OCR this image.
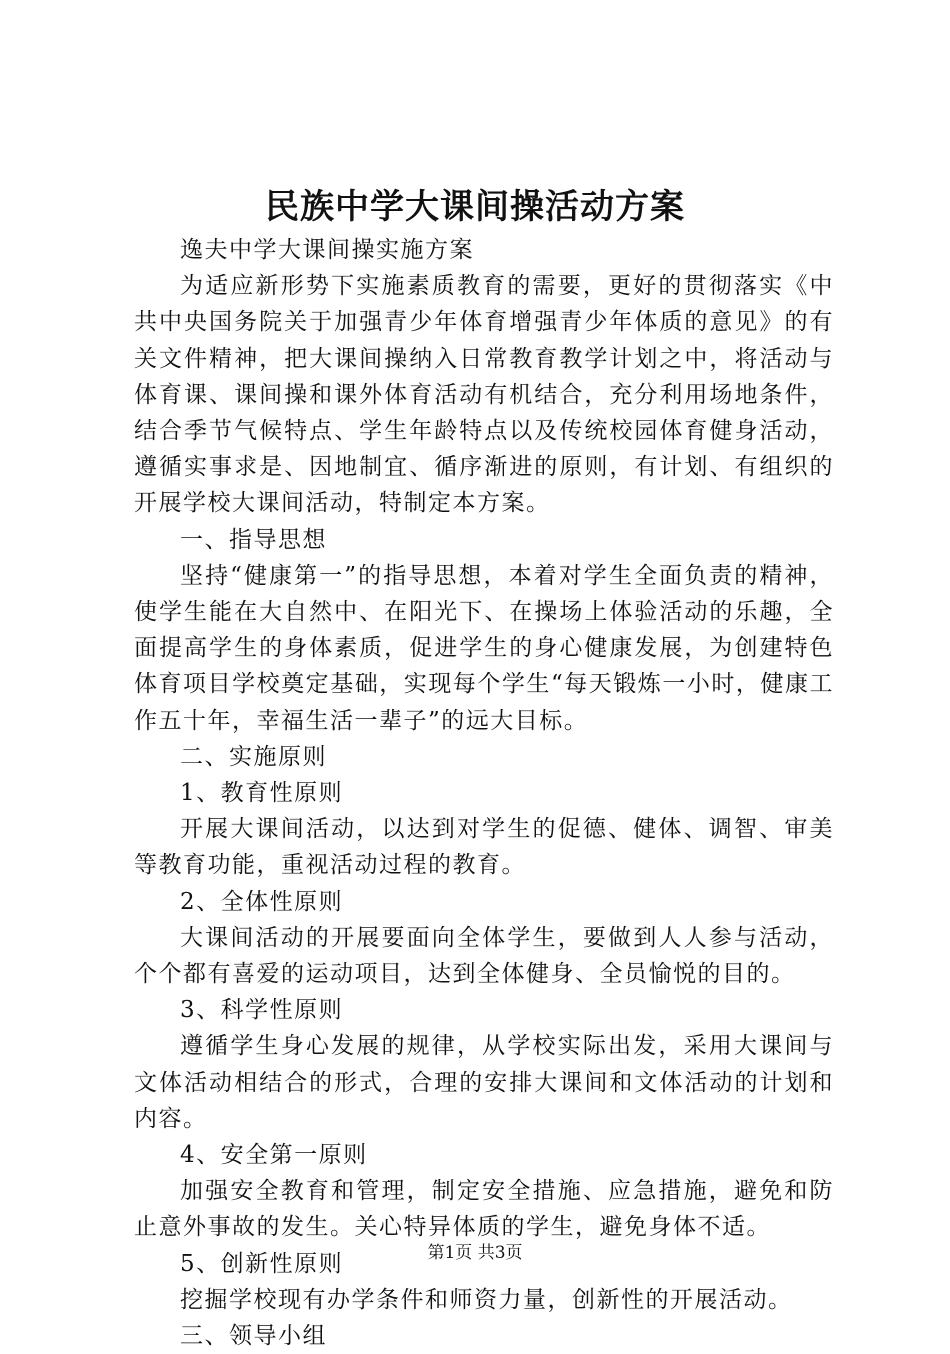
民族中学大课间操活动方案

逸夫中学大课间操实施方案

为适应新形势下实施素质教育的需要，更好的贯彻落实《中共中央国务院关于加强青少年体育增强青少年体质的意见》的有关文件精神，把大课间操纳入日常教育教学计划之中，将活动与体育课、课间操和课外体育活动有机结合，充分利用场地条件，结合季节气候特点、学生年龄特点以及传统校园体育健身活动，遵循实事求是、因地制宜、循序渐进的原则，有计划、有组织的开展学校大课间活动，特制定本方案。

一、指导思想

坚持“健康第一”的指导思想，本着对学生全面负责的精神，使学生能在大自然中、在阳光下、在操场上体验活动的乐趣，全面提高学生的身体素质，促进学生的身心健康发展，为创建特色体育项目学校奠定基础，实现每个学生“每天锻炼一小时，健康工作五十年，幸福生活一辈子”的远大目标。

二、实施原则

1、教育性原则

开展大课间活动，以达到对学生的促德、健体、调智、审美等教育功能，重视活动过程的教育。

2、全体性原则

大课间活动的开展要面向全体学生，要做到人人参与活动，个个都有喜爱的运动项目，达到全体健身、全员愉悦的目的。

3、科学性原则

遵循学生身心发展的规律，从学校实际出发，采用大课间与文体活动相结合的形式，合理的安排大课间和文体活动的计划和内容。

4、安全第一原则

加强安全教育和管理，制定安全措施、应急措施，避免和防止意外事故的发生。关心特异体质的学生，避免身体不适。

5、创新性原则

挖掘学校现有办学条件和师资力量，创新性的开展活动。

三、领导小组

第1页 共3页
